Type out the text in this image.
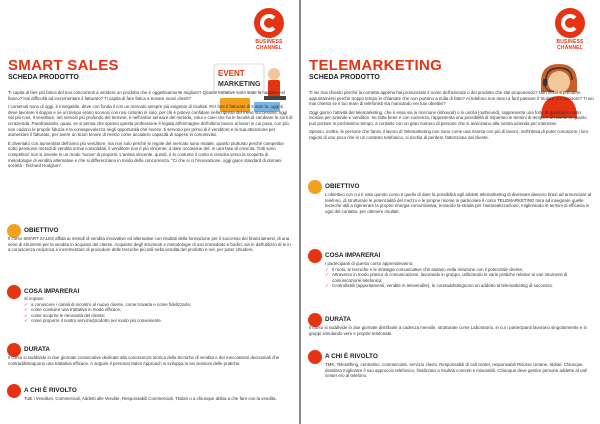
BUSINESS CHANNEL
SMART SALES
SCHEDA PRODOTTO	EVENT
MARKETING

Ti capita di fare più fatica del tuoi concorrenti a vendere un prodotto che è oggettivamente migliore? Quante trattative sono state la naspina nel fianco? Hai difficoltà ad incrementare il fatturato? Ti capita di fare fatica a trovare nuovi clienti?

I contenuti sono di oggi, è innegabile, deve con fonda il con un mercato sempre più esigente di risultati. Per fare il fatturato di 5 anni fa, oggi si deve lavorare il doppio e se un tempo erano sconosi con rosi ciclorari in solo, per chi è potevo confidare nella ripresa del mese successivo, oggi nel più così. Il venditore, nel nervosi più profondo del termine, è nell'arduo sensore del metodo, colui o colei che ha le facoltà di cambiare le sorti di un'azienda. Parafrasando, quasi, se si pensa che spesso questa professione è legata all'immagine dell'ultimo lavoro ai lavori in cui posa, con più, non cadono le proprie fiducia e la consapevolezza negli opportunità che invece, ti servono per primo di il venditore e la sua attenzione per aumentare il fatturato, per avere un buon tenore di rientro come accadere capacità di sapersi in conomivaci.

È diventato con aumentato dell'anno più venditore, ma non solo perché le regole del mercato sono mutate, quanto piuttosto perché competitor sotto pensionsi metodi di vendita ormai consolidati, il venditore non è più vincente, a dare occasione del, in una fase di crescita. Tutti sono competitori non si investe in un modo 'nuove' di proporsi. L'anima vincente, quindi, è lo costume il conto a crescita verso la scoperta di metodologie di vendita alternative e che si differenziano in modo della concorrenza. "Ci che si ci l'innovazione, oggi giace standard di domani società - Richard Hodgson".

OBIETTIVO
Il corso SMART SALES affida ai metodi di vendita innovative ed alternative con risultati della formazione per il successo dei finanziamenti, di una serie di strumenti per la vendita in acquisto del cliente. Acquisire degli strumenti e metodologie di uso immediato e bodici, sia in dall'utilizzo di le in a conoscenza reciproca e incrementare di procedure delle tecniche più utili nella vendita del prodotto e nel, per poter chiudere.
COSA IMPARERAI
Si impara:
✓ a conoscere i canali di incontro al nuovo cliente, come trovarla e come fidelizzarla;
✓ come condurre una trattativa in modo efficace;
✓ come scoprire le necessità del cliente;
✓ come proporre il nostro servizio/prodotto nel modo più conveniente.
DURATA
Il corso si suddivide in due giornate consecutive dedicate alla conoscenza teorica delle tecniche di vendita e dei meccanismi decisionali che contraddistinguono una trattativa efficace. A seguire il personal Sales Approach si sviluppa in sei sessioni delle pratiche.
A CHI È RIVOLTO
Tutti i Venditori, Commerciali, Addetti alle Vendite, Responsabili Commerciali, Titolari o a chiunque abbia a che fare con la vendita.
BUSINESS CHANNEL
TELEMARKETING
SCHEDA PRODOTTO

Ti sei mai chiesto perché la cornetta appena hai pronunciato il nome dell'azienda o del prodotto che stai proponendo? Non riesci a prendere appuntamenti perché troppo tempo in chiamate che non portano a nulla di fatto? Ai telefono non riesci a farti passare il 'titolare' o il decisore? Ti sei mai chiesto se il tuo team di telefonisti sta mancando nei tuoi obiettivi?

Oggi giorno l'attività del telemarketing, che è essa sia in ricezione (inbound) o in uscita (outbound), rappresenta una forte di guadagno molto incisivo per aziende e venditori. Se fatta bene e con coerenza, rappresenta una possibilità di risparmio in termini di tempo e di risorse in quanto può portare in pochissimo tempo, a contatto con un gran numero di persone che si avvicinano alla nostra azienda per interesse.

Spesso, inoltre, le persone che fanno il lavoro di Telemarketing non sono come una risorsa con più di lavoro, nell'intesa di poter conoscere i loro ragioni di uno poco che in un contesto telefonico, si rischia di perdere l'attenzione del cliente.

OBIETTIVO
L'obiettivo con cui è nato questo corso è quello di dare la possibilità agli addetti telemarketing di diventare davvero bravi ad annunciare al telefono, di strutturare le potenzialità del mezzo e le proprie risorse in particolare il corso TELEMARKETING mira ad insegnare quelle tecniche utili a rigenerare la proprio energia comunicativa, trovando la strada per l'autorealizzazione, migliorando in termini di efficacia in ogni del contatto, per ottenere risultati.
COSA IMPARERAI
I partecipanti di questo corso apprenderanno:
✓ Il ruolo, le tecniche e le strategie comunicative che aiutano nella relazione con il potenziale cliente;
✓ Attraverso in modo pratico di comunicazione, lavorando in gruppo, utilizzando le varie pratiche relative ai vari strumenti di comunicazione telefonica;
✓ Controllabili (appuntamenti, vendite in televendite), le contraddistinguono un addetto al telemarketing di successo.
DURATA
Il corso si suddivide in due giornate distribuite a cadenza mensile, strutturate come Laboratorio, in cui i partecipanti lavorano singolarmente e in gruppi simulando vere e proprie telefonate.
A CHI È RIVOLTO
TMK, Telesellling, centralino, commerciale, servizio clienti, Responsabili di call center, responsabili Risorse Umane, titolari. Chiunque desidera migliorare il suo approccio telefonico, finalizzato a risultati concreti e misurabili. Chiunque deve gestire persone addette al call center e/o al telefono.
